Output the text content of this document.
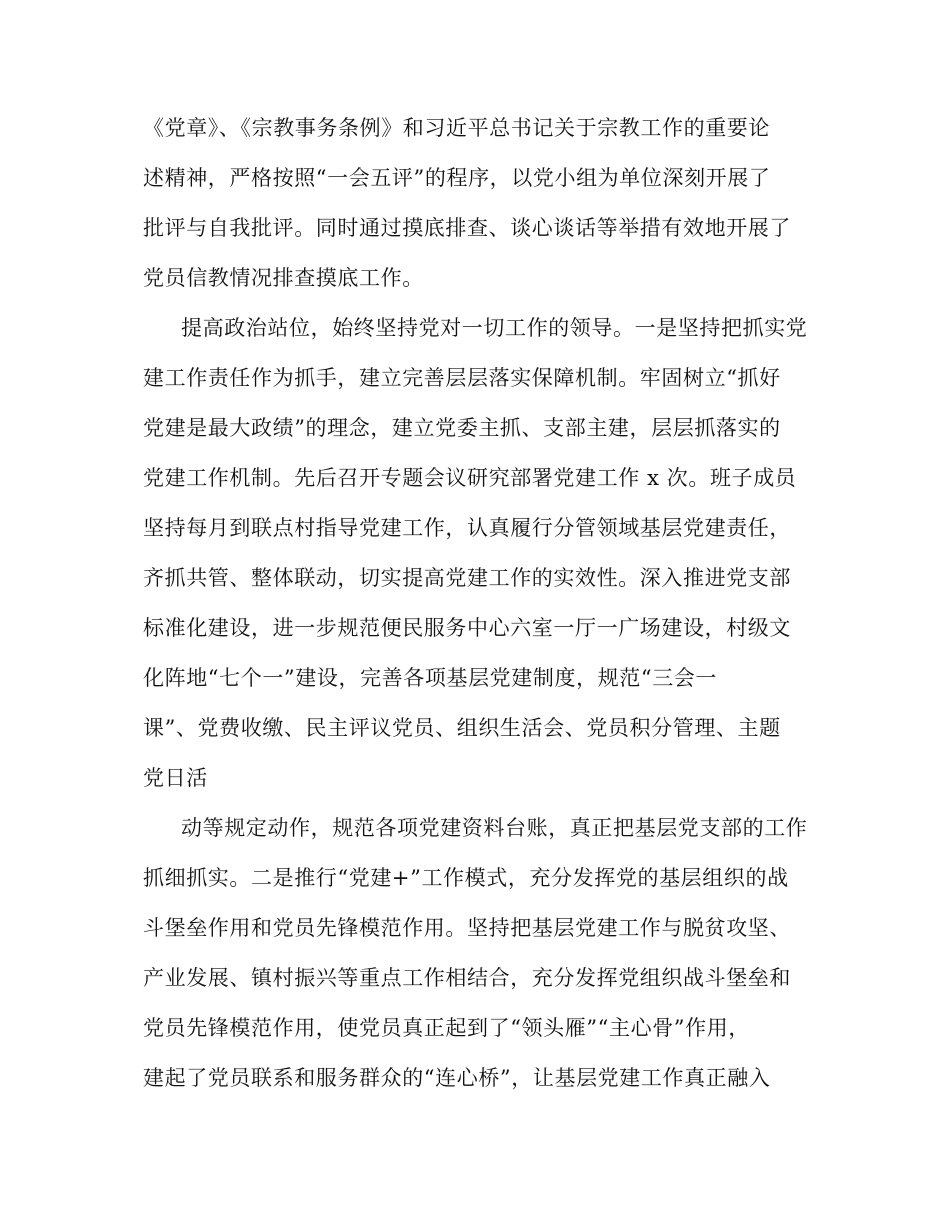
《党章》、《宗教事务条例》和习近平总书记关于宗教工作的重要论
述精神，严格按照“一会五评”的程序，以党小组为单位深刻开展了
批评与自我批评。同时通过摸底排查、谈心谈话等举措有效地开展了
党员信教情况排查摸底工作。
提高政治站位，始终坚持党对一切工作的领导。一是坚持把抓实党
建工作责任作为抓手，建立完善层层落实保障机制。牢固树立“抓好
党建是最大政绩”的理念，建立党委主抓、支部主建，层层抓落实的
党建工作机制。先后召开专题会议研究部署党建工作 x 次。班子成员
坚持每月到联点村指导党建工作，认真履行分管领域基层党建责任，
齐抓共管、整体联动，切实提高党建工作的实效性。深入推进党支部
标准化建设，进一步规范便民服务中心六室一厅一广场建设，村级文
化阵地“七个一”建设，完善各项基层党建制度，规范“三会一
课”、党费收缴、民主评议党员、组织生活会、党员积分管理、主题
党日活
动等规定动作，规范各项党建资料台账，真正把基层党支部的工作
抓细抓实。二是推行“党建+”工作模式，充分发挥党的基层组织的战
斗堡垒作用和党员先锋模范作用。坚持把基层党建工作与脱贫攻坚、
产业发展、镇村振兴等重点工作相结合，充分发挥党组织战斗堡垒和
党员先锋模范作用，使党员真正起到了“领头雁”“主心骨”作用，
建起了党员联系和服务群众的“连心桥”，让基层党建工作真正融入
